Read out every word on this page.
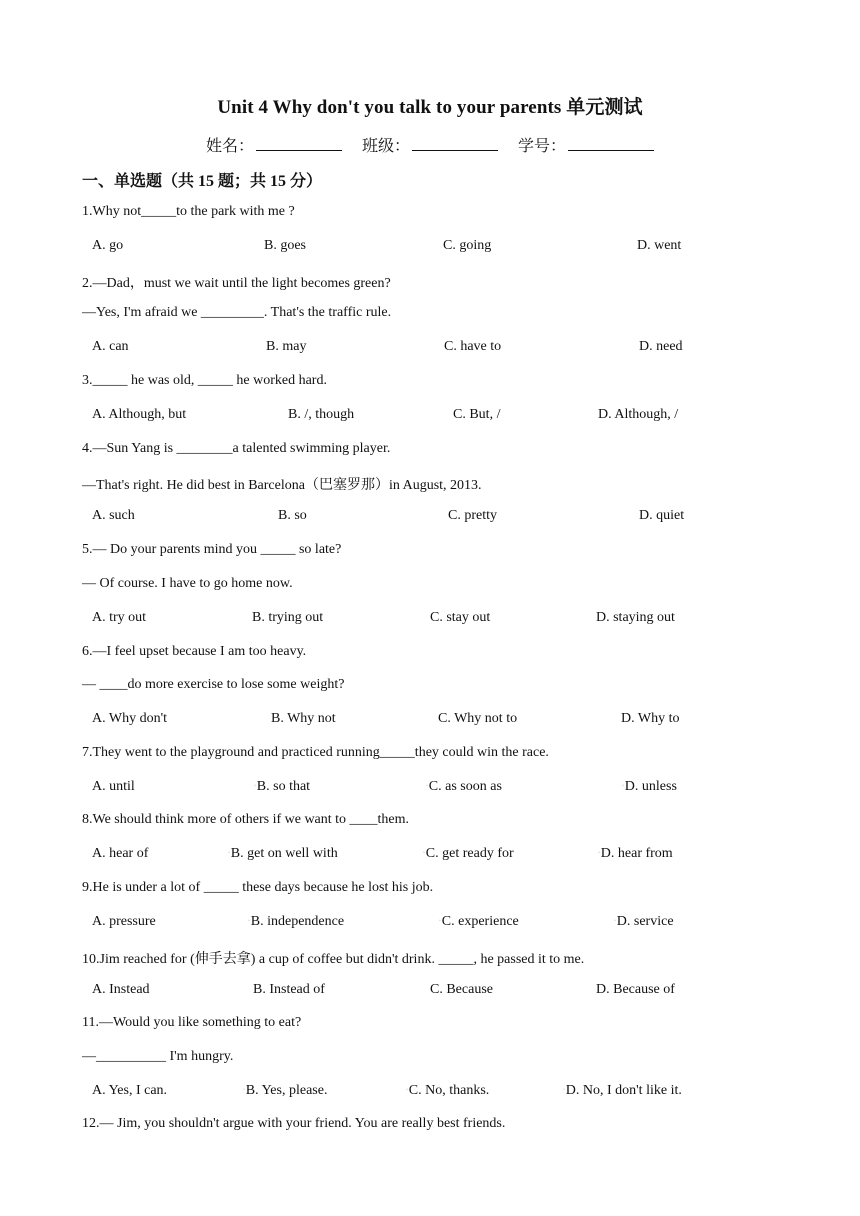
Unit 4 Why don't you talk to your parents 单元测试
姓名：	班级：	学号：
一、单选题（共 15 题；共 15 分）
1.Why not_____to the park with me ?
A. go	B. goes	C. going	D. went
2.—Dad，must we wait until the light becomes green?
—Yes, I'm afraid we _________. That's the traffic rule.
A. can	B. may	C. have to	D. need
3._____ he was old, _____ he worked hard.
A. Although, but	B. /, though	C. But, /	D. Although, /
4.—Sun Yang is ________a talented swimming player.
—That's right. He did best in Barcelona（巴塞罗那）in August, 2013.
A. such	B. so	C. pretty	D. quiet
5.— Do your parents mind you _____ so late?
— Of course. I have to go home now.
A. try out	B. trying out	C. stay out	D. staying out
6.—I feel upset because I am too heavy.
— ____do more exercise to lose some weight?
A. Why don't	B. Why not	C. Why not to	D. Why to
7.They went to the playground and practiced running_____they could win the race.
A. until	▫B. so that	▫C. as soon as	▫D. unless
8.We should think more of others if we want to ____them.
A. hear of	▫B. get on well with	▫C. get ready for	▫D. hear from
9.He is under a lot of _____ these days because he lost his job.
A. pressure	▫B. independence	▫C. experience	▫D. service
10.Jim reached for (伸手去拿) a cup of coffee but didn't drink. _____, he passed it to me.
A. Instead	B. Instead of	C. Because	D. Because of
11.—Would you like something to eat?
—__________ I'm hungry.
A. Yes, I can.	▫B. Yes, please.	▫C. No, thanks.	▫D. No, I don't like it.
12.— Jim, you shouldn't argue with your friend. You are really best friends.
